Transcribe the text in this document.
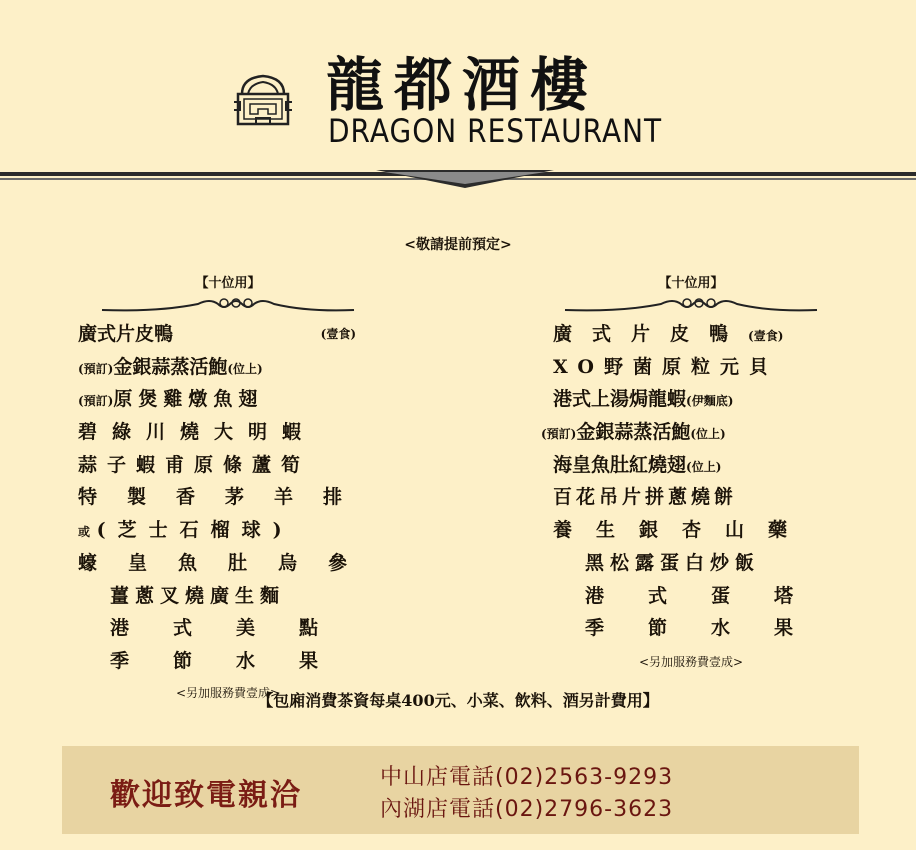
龍都酒樓
DRAGON RESTAURANT
<敬請提前預定>
【十位用】
廣式片皮鴨	(壹食)
(預訂)金銀蒜蒸活鮑(位上)
(預訂)原煲雞燉魚翅
碧綠川燒大明蝦
蒜子蝦甫原條蘆筍
特製香茅羊排
或 (芝士石榴球)
蠔皇魚肚烏參
薑蔥叉燒廣生麵
港式美點
季節水果
<另加服務費壹成>
【十位用】
廣式片皮鴨(壹食)
XO野菌原粒元貝
港式上湯焗龍蝦(伊麵底)
(預訂)金銀蒜蒸活鮑(位上)
海皇魚肚紅燒翅(位上)
百花吊片拼蔥燒餅
養生銀杏山藥
黑松露蛋白炒飯
港式蛋塔
季節水果
<另加服務費壹成>
【包廂消費茶資每桌400元、小菜、飲料、酒另計費用】
歡迎致電親洽
中山店電話(02)2563-9293
內湖店電話(02)2796-3623
